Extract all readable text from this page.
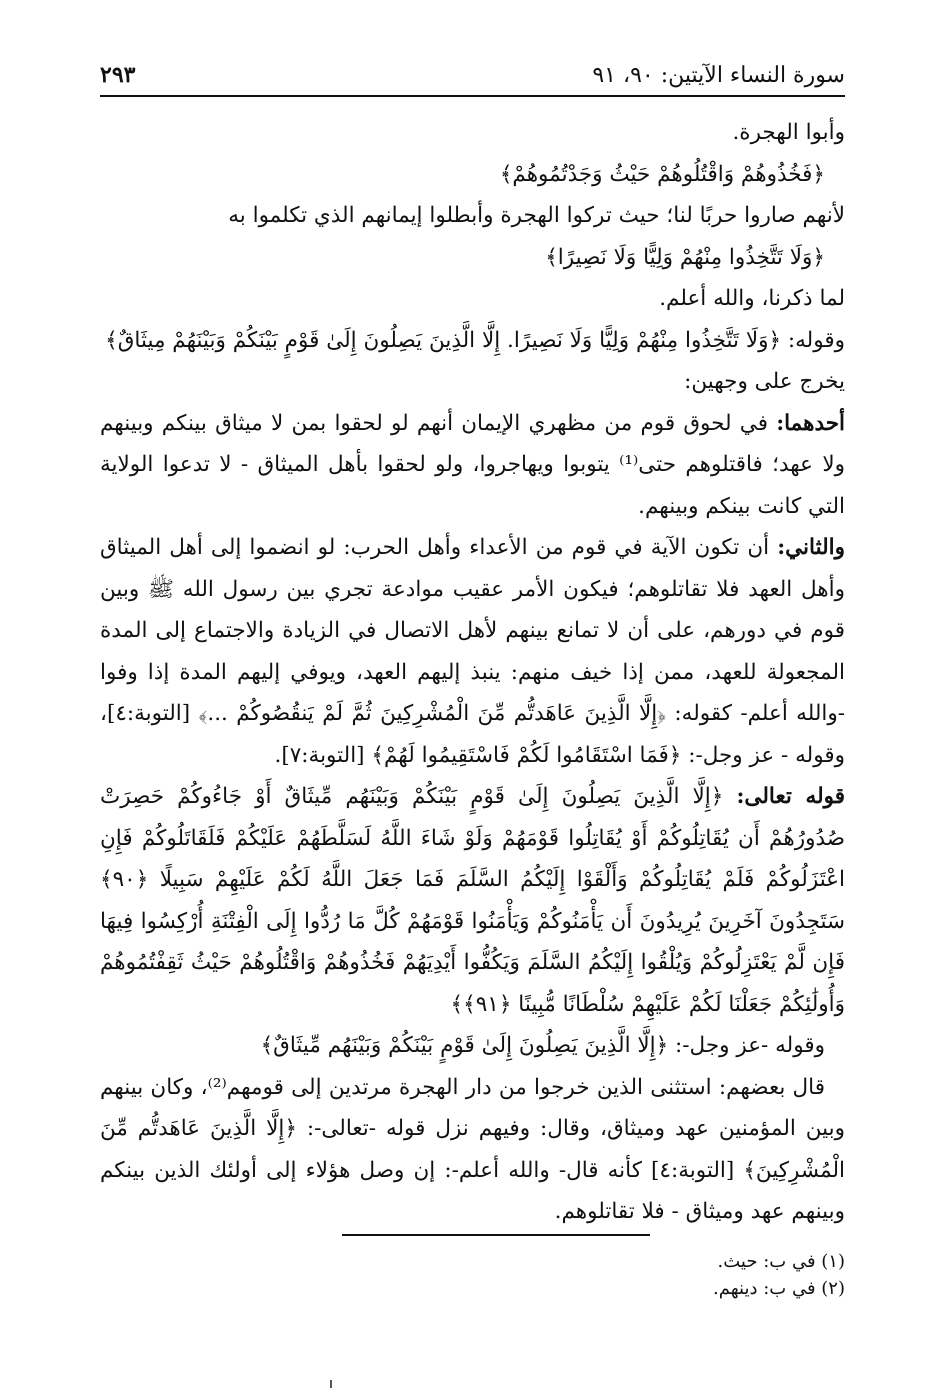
سورة النساء الآيتين: ٩٠، ٩١
٢٩٣

وأبوا الهجرة.

﴿فَخُذُوهُمْ وَاقْتُلُوهُمْ حَيْثُ وَجَدْتُمُوهُمْ﴾

لأنهم صاروا حربًا لنا؛ حيث تركوا الهجرة وأبطلوا إيمانهم الذي تكلموا به

﴿وَلَا تَتَّخِذُوا مِنْهُمْ وَلِيًّا وَلَا نَصِيرًا﴾

لما ذكرنا، والله أعلم.

وقوله: ﴿وَلَا تَتَّخِذُوا مِنْهُمْ وَلِيًّا وَلَا نَصِيرًا. إِلَّا الَّذِينَ يَصِلُونَ إِلَىٰ قَوْمٍ بَيْنَكُمْ وَبَيْنَهُمْ مِيثَاقٌ﴾

يخرج على وجهين:

أحدهما: في لحوق قوم من مظهري الإيمان أنهم لو لحقوا بمن لا ميثاق بينكم وبينهم ولا عهد؛ فاقتلوهم حتى⁽¹⁾ يتوبوا ويهاجروا، ولو لحقوا بأهل الميثاق - لا تدعوا الولاية التي كانت بينكم وبينهم.

والثاني: أن تكون الآية في قوم من الأعداء وأهل الحرب: لو انضموا إلى أهل الميثاق وأهل العهد فلا تقاتلوهم؛ فيكون الأمر عقيب موادعة تجري بين رسول الله ﷺ وبين قوم في دورهم، على أن لا تمانع بينهم لأهل الاتصال في الزيادة والاجتماع إلى المدة المجعولة للعهد، ممن إذا خيف منهم: ينبذ إليهم العهد، ويوفي إليهم المدة إذا وفوا -والله أعلم- كقوله: ﴿إِلَّا الَّذِينَ عَاهَدتُّم مِّنَ الْمُشْرِكِينَ ثُمَّ لَمْ يَنقُصُوكُمْ ...﴾ [التوبة:٤]، وقوله - عز وجل-: ﴿فَمَا اسْتَقَامُوا لَكُمْ فَاسْتَقِيمُوا لَهُمْ﴾ [التوبة:٧].

قوله تعالى: ﴿إِلَّا الَّذِينَ يَصِلُونَ إِلَىٰ قَوْمٍ بَيْنَكُمْ وَبَيْنَهُم مِّيثَاقٌ أَوْ جَاءُوكُمْ حَصِرَتْ صُدُورُهُمْ أَن يُقَاتِلُوكُمْ أَوْ يُقَاتِلُوا قَوْمَهُمْ وَلَوْ شَاءَ اللَّهُ لَسَلَّطَهُمْ عَلَيْكُمْ فَلَقَاتَلُوكُمْ فَإِنِ اعْتَزَلُوكُمْ فَلَمْ يُقَاتِلُوكُمْ وَأَلْقَوْا إِلَيْكُمُ السَّلَمَ فَمَا جَعَلَ اللَّهُ لَكُمْ عَلَيْهِمْ سَبِيلًا ﴿٩٠﴾ سَتَجِدُونَ آخَرِينَ يُرِيدُونَ أَن يَأْمَنُوكُمْ وَيَأْمَنُوا قَوْمَهُمْ كُلَّ مَا رُدُّوا إِلَى الْفِتْنَةِ أُرْكِسُوا فِيهَا فَإِن لَّمْ يَعْتَزِلُوكُمْ وَيُلْقُوا إِلَيْكُمُ السَّلَمَ وَيَكُفُّوا أَيْدِيَهُمْ فَخُذُوهُمْ وَاقْتُلُوهُمْ حَيْثُ ثَقِفْتُمُوهُمْ وَأُولَٰئِكُمْ جَعَلْنَا لَكُمْ عَلَيْهِمْ سُلْطَانًا مُّبِينًا ﴿٩١﴾﴾

وقوله -عز وجل-: ﴿إِلَّا الَّذِينَ يَصِلُونَ إِلَىٰ قَوْمٍ بَيْنَكُمْ وَبَيْنَهُم مِّيثَاقٌ﴾

قال بعضهم: استثنى الذين خرجوا من دار الهجرة مرتدين إلى قومهم⁽²⁾، وكان بينهم وبين المؤمنين عهد وميثاق، وقال: وفيهم نزل قوله -تعالى-: ﴿إِلَّا الَّذِينَ عَاهَدتُّم مِّنَ الْمُشْرِكِينَ﴾ [التوبة:٤] كأنه قال- والله أعلم-: إن وصل هؤلاء إلى أولئك الذين بينكم وبينهم عهد وميثاق - فلا تقاتلوهم.

(١) في ب: حيث.
(٢) في ب: دينهم.
